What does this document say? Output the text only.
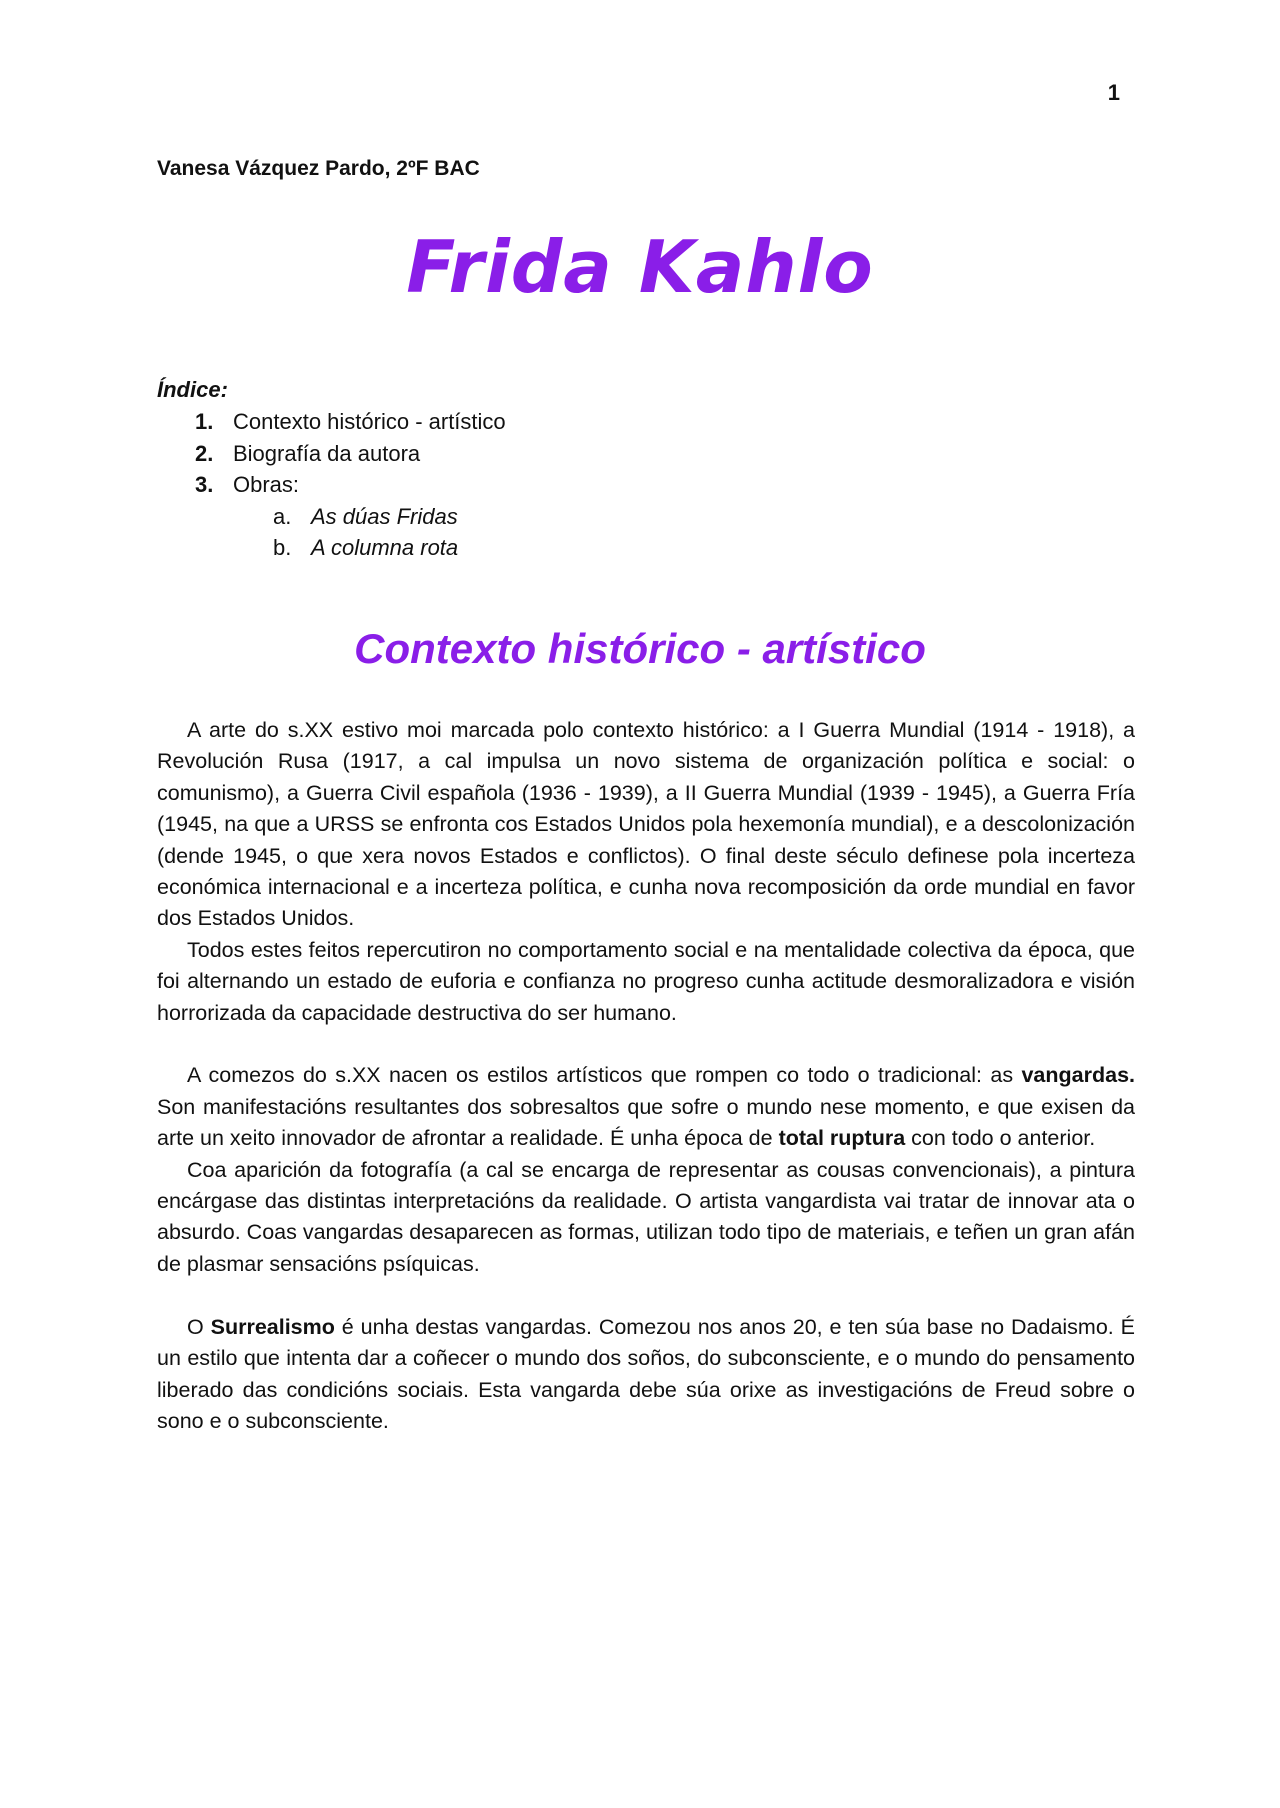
1
Vanesa Vázquez Pardo, 2ºF BAC
Frida Kahlo
Índice:
1. Contexto histórico - artístico
2. Biografía da autora
3. Obras:
a. As dúas Fridas
b. A columna rota
Contexto histórico - artístico

A arte do s.XX estivo moi marcada polo contexto histórico: a I Guerra Mundial (1914 - 1918), a Revolución Rusa (1917, a cal impulsa un novo sistema de organización política e social: o comunismo), a Guerra Civil española (1936 - 1939), a II Guerra Mundial (1939 - 1945), a Guerra Fría (1945, na que a URSS se enfronta cos Estados Unidos pola hexemonía mundial), e a descolonización (dende 1945, o que xera novos Estados e conflictos). O final deste século definese pola incerteza económica internacional e a incerteza política, e cunha nova recomposición da orde mundial en favor dos Estados Unidos.

Todos estes feitos repercutiron no comportamento social e na mentalidade colectiva da época, que foi alternando un estado de euforia e confianza no progreso cunha actitude desmoralizadora e visión horrorizada da capacidade destructiva do ser humano.

A comezos do s.XX nacen os estilos artísticos que rompen co todo o tradicional: as vangardas. Son manifestacións resultantes dos sobresaltos que sofre o mundo nese momento, e que exisen da arte un xeito innovador de afrontar a realidade. É unha época de total ruptura con todo o anterior.

Coa aparición da fotografía (a cal se encarga de representar as cousas convencionais), a pintura encárgase das distintas interpretacións da realidade. O artista vangardista vai tratar de innovar ata o absurdo. Coas vangardas desaparecen as formas, utilizan todo tipo de materiais, e teñen un gran afán de plasmar sensacións psíquicas.

O Surrealismo é unha destas vangardas. Comezou nos anos 20, e ten súa base no Dadaismo. É un estilo que intenta dar a coñecer o mundo dos soños, do subconsciente, e o mundo do pensamento liberado das condicións sociais. Esta vangarda debe súa orixe as investigacións de Freud sobre o sono e o subconsciente.
